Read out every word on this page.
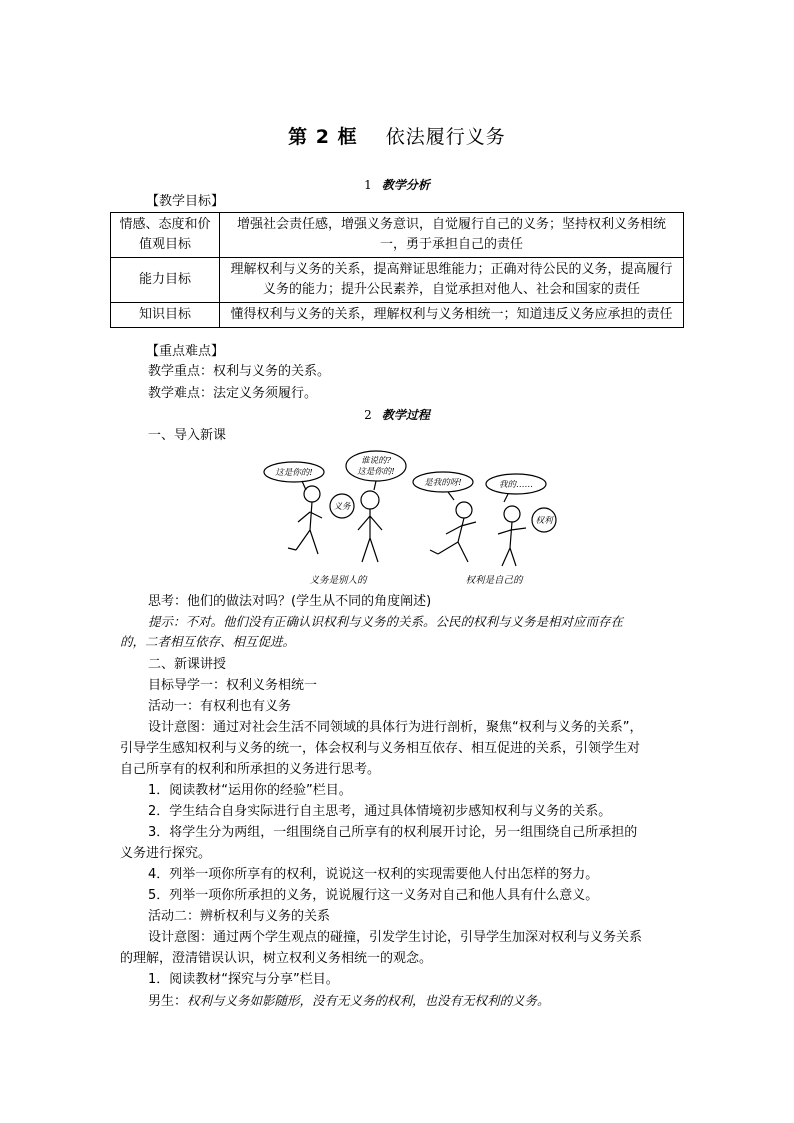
第 2 框 依法履行义务
1 教学分析
【教学目标】
情感、态度和价值观目标	增强社会责任感，增强义务意识，自觉履行自己的义务；坚持权利义务相统一，勇于承担自己的责任
能力目标	理解权利与义务的关系，提高辩证思维能力；正确对待公民的义务，提高履行义务的能力；提升公民素养，自觉承担对他人、社会和国家的责任
知识目标	懂得权利与义务的关系，理解权利与义务相统一；知道违反义务应承担的责任
【重点难点】
教学重点：权利与义务的关系。
教学难点：法定义务须履行。
2 教学过程
一、导入新课
这是你的!
谁说的?
这是你的!
是我的呀!	我的……
义务
权利
义务是别人的	权利是自己的
思考：他们的做法对吗？(学生从不同的角度阐述)
提示：不对。他们没有正确认识权利与义务的关系。公民的权利与义务是相对应而存在
的，二者相互依存、相互促进。
二、新课讲授
目标导学一：权利义务相统一
活动一：有权利也有义务
设计意图：通过对社会生活不同领域的具体行为进行剖析，聚焦“权利与义务的关系”，
引导学生感知权利与义务的统一，体会权利与义务相互依存、相互促进的关系，引领学生对
自己所享有的权利和所承担的义务进行思考。
1．阅读教材“运用你的经验”栏目。
2．学生结合自身实际进行自主思考，通过具体情境初步感知权利与义务的关系。
3．将学生分为两组，一组围绕自己所享有的权利展开讨论，另一组围绕自己所承担的
义务进行探究。
4．列举一项你所享有的权利，说说这一权利的实现需要他人付出怎样的努力。
5．列举一项你所承担的义务，说说履行这一义务对自己和他人具有什么意义。
活动二：辨析权利与义务的关系
设计意图：通过两个学生观点的碰撞，引发学生讨论，引导学生加深对权利与义务关系
的理解，澄清错误认识，树立权利义务相统一的观念。
1．阅读教材“探究与分享”栏目。
男生：权利与义务如影随形，没有无义务的权利，也没有无权利的义务。
